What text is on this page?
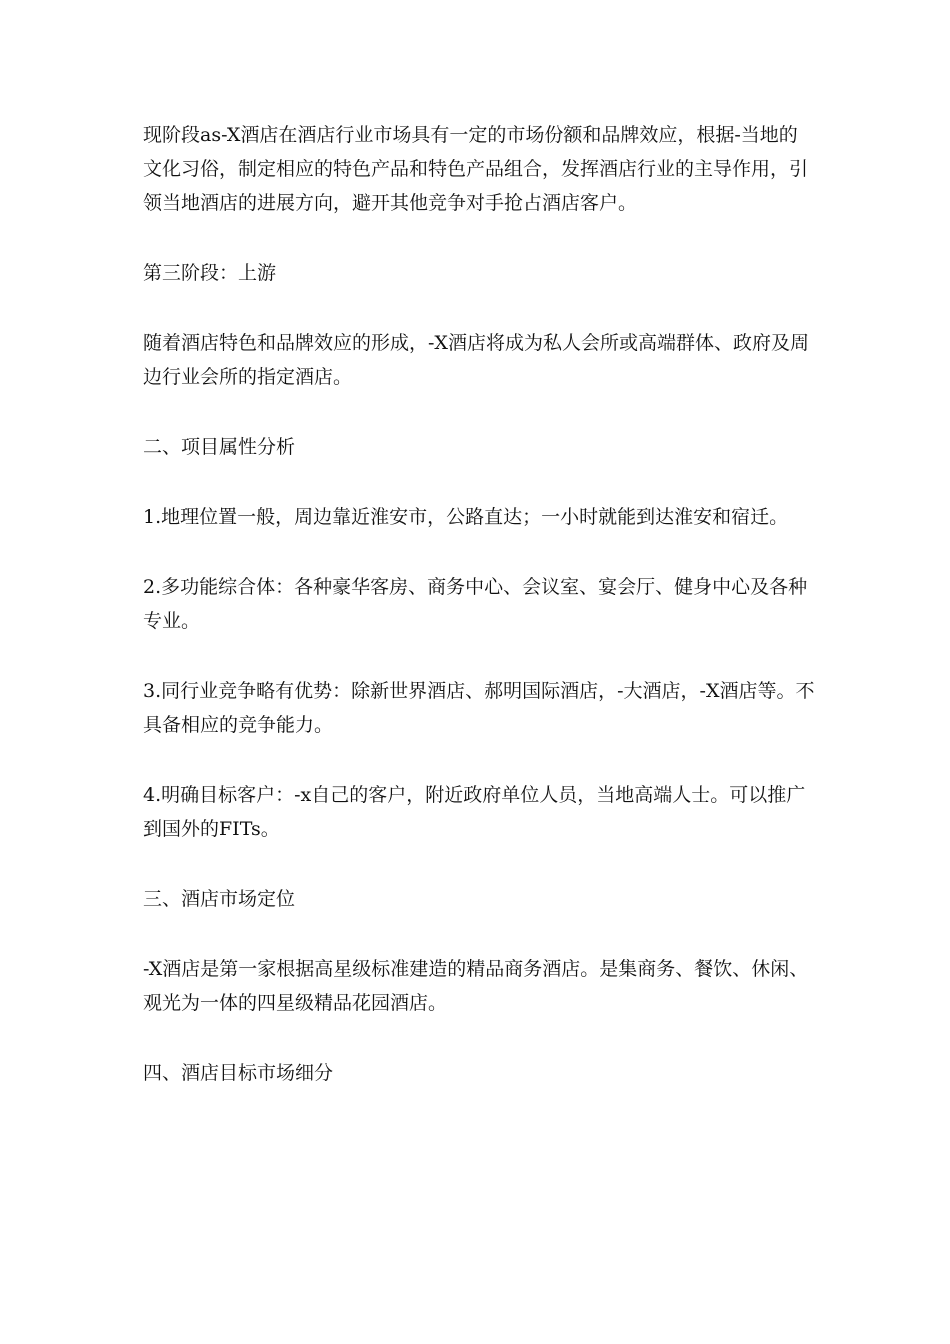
现阶段as-X酒店在酒店行业市场具有一定的市场份额和品牌效应，根据-当地的文化习俗，制定相应的特色产品和特色产品组合，发挥酒店行业的主导作用，引领当地酒店的进展方向，避开其他竞争对手抢占酒店客户。

第三阶段：上游

随着酒店特色和品牌效应的形成，-X酒店将成为私人会所或高端群体、政府及周边行业会所的指定酒店。

二、项目属性分析

1.地理位置一般，周边靠近淮安市，公路直达；一小时就能到达淮安和宿迁。

2.多功能综合体：各种豪华客房、商务中心、会议室、宴会厅、健身中心及各种专业。

3.同行业竞争略有优势：除新世界酒店、郝明国际酒店，-大酒店，-X酒店等。不具备相应的竞争能力。

4.明确目标客户：-x自己的客户，附近政府单位人员，当地高端人士。可以推广到国外的FITs。

三、酒店市场定位

-X酒店是第一家根据高星级标准建造的精品商务酒店。是集商务、餐饮、休闲、观光为一体的四星级精品花园酒店。

四、酒店目标市场细分
